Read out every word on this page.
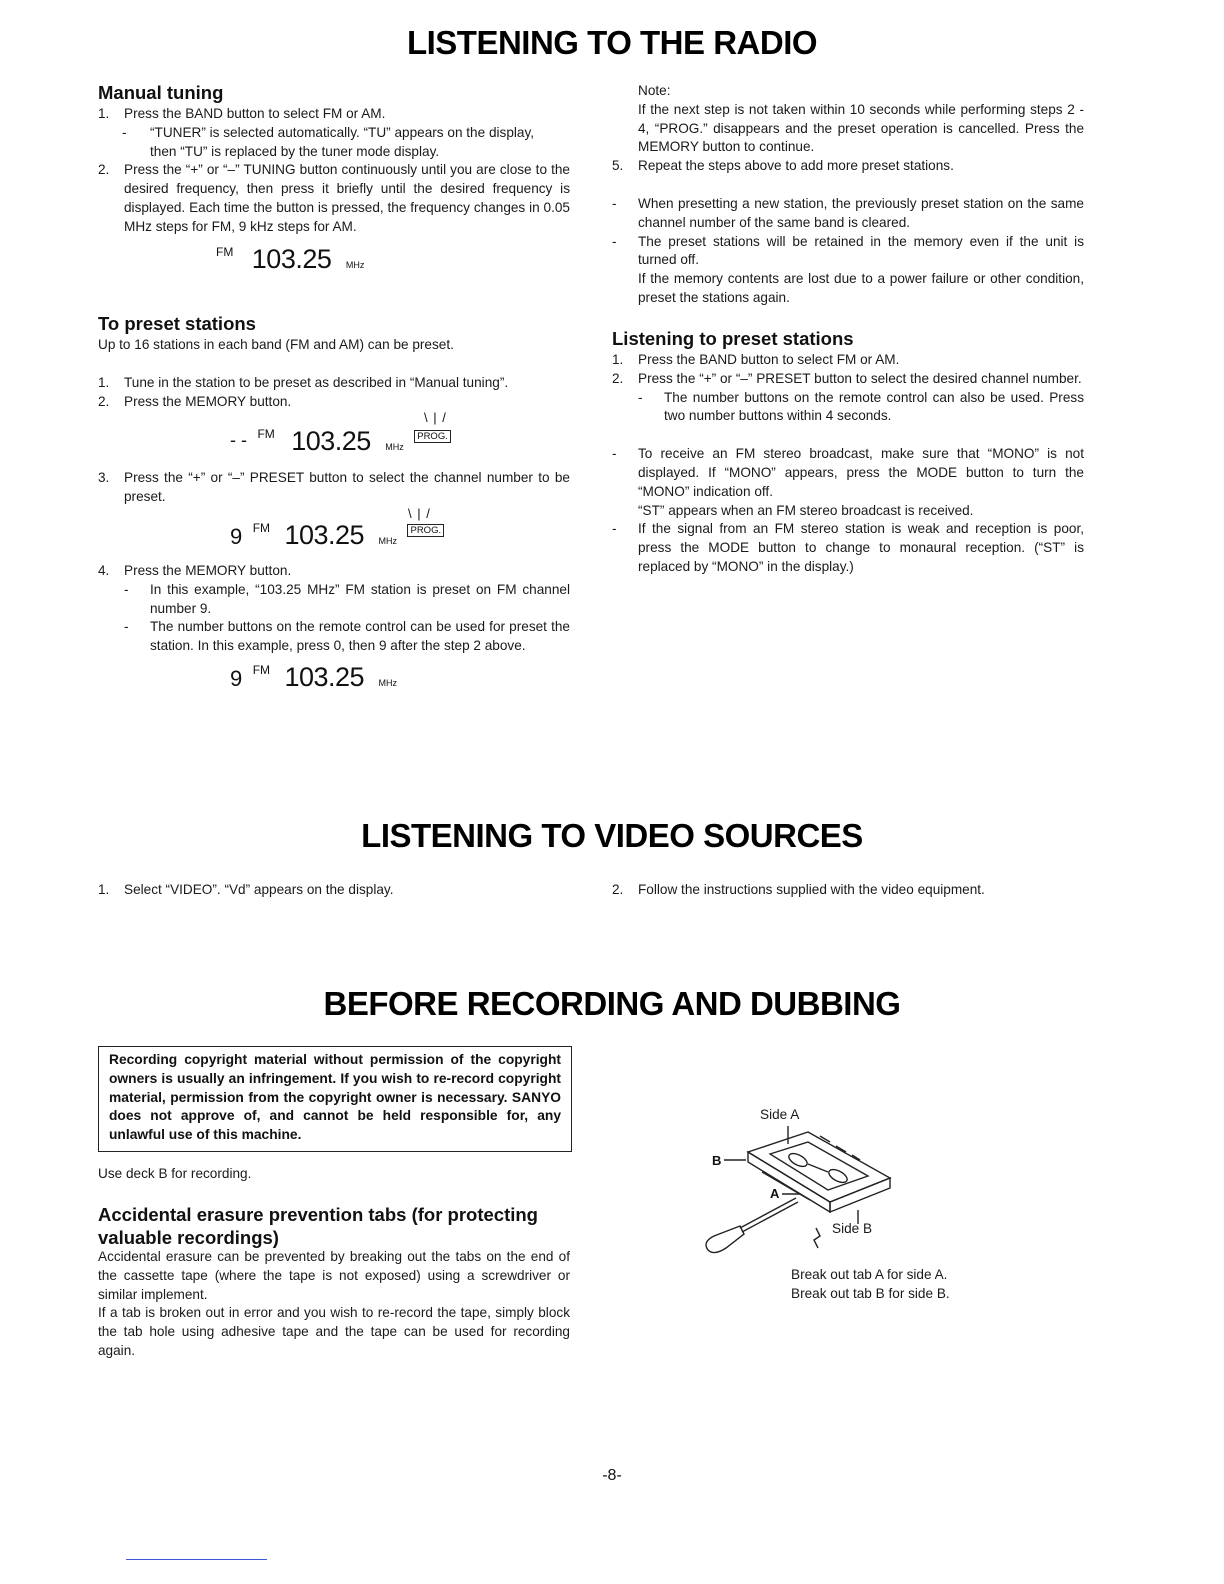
LISTENING TO THE RADIO
LISTENING TO VIDEO SOURCES
BEFORE RECORDING AND DUBBING
Manual tuning
1. Press the BAND button to select FM or AM.
- “TUNER” is selected automatically. “TU” appears on the display,
then “TU” is replaced by the tuner mode display.
2. Press the “+” or “–” TUNING button continuously until you are close to the desired frequency, then press it briefly until the desired frequency is displayed. Each time the button is pressed, the frequency changes in 0.05 MHz steps for FM, 9 kHz steps for AM.
$^{FM}$ 103.25 MHz
To preset stations
Up to 16 stations in each band (FM and AM) can be preset.
1. Tune in the station to be preset as described in “Manual tuning”.
2. Press the MEMORY button.
\ | /
- - $^{FM}$ 103.25 MHz $^{PROG.}$
3. Press the “+” or “–” PRESET button to select the channel number to be preset.
\ | /
9 $^{FM}$ 103.25 MHz $^{PROG.}$
4. Press the MEMORY button.
- In this example, “103.25 MHz” FM station is preset on FM channel number 9.
- The number buttons on the remote control can be used for preset the station. In this example, press 0, then 9 after the step 2 above.
9 $^{FM}$ 103.25 MHz
Note:
If the next step is not taken within 10 seconds while performing steps 2 - 4, “PROG.” disappears and the preset operation is cancelled. Press the MEMORY button to continue.
5. Repeat the steps above to add more preset stations.
- When presetting a new station, the previously preset station on the same channel number of the same band is cleared.
- The preset stations will be retained in the memory even if the unit is turned off.
If the memory contents are lost due to a power failure or other condition, preset the stations again.
Listening to preset stations
1. Press the BAND button to select FM or AM.
2. Press the “+” or “–” PRESET button to select the desired channel number.
- The number buttons on the remote control can also be used. Press two number buttons within 4 seconds.
- To receive an FM stereo broadcast, make sure that “MONO” is not displayed. If “MONO” appears, press the MODE button to turn the “MONO” indication off.
“ST” appears when an FM stereo broadcast is received.
- If the signal from an FM stereo station is weak and reception is poor, press the MODE button to change to monaural reception. (“ST” is replaced by “MONO” in the display.)
1. Select “VIDEO”. “Vd” appears on the display.	2. Follow the instructions supplied with the video equipment.
Recording copyright material without permission of the copyright owners is usually an infringement. If you wish to re-record copyright material, permission from the copyright owner is necessary. SANYO does not approve of, and cannot be held responsible for, any unlawful use of this machine.
Use deck B for recording.
Accidental erasure prevention tabs (for protecting valuable recordings)
Accidental erasure can be prevented by breaking out the tabs on the end of the cassette tape (where the tape is not exposed) using a screwdriver or similar implement.
If a tab is broken out in error and you wish to re-record the tape, simply block the tab hole using adhesive tape and the tape can be used for recording again.
Side A
B
A
Side B
Break out tab A for side A.
Break out tab B for side B.
-8-
